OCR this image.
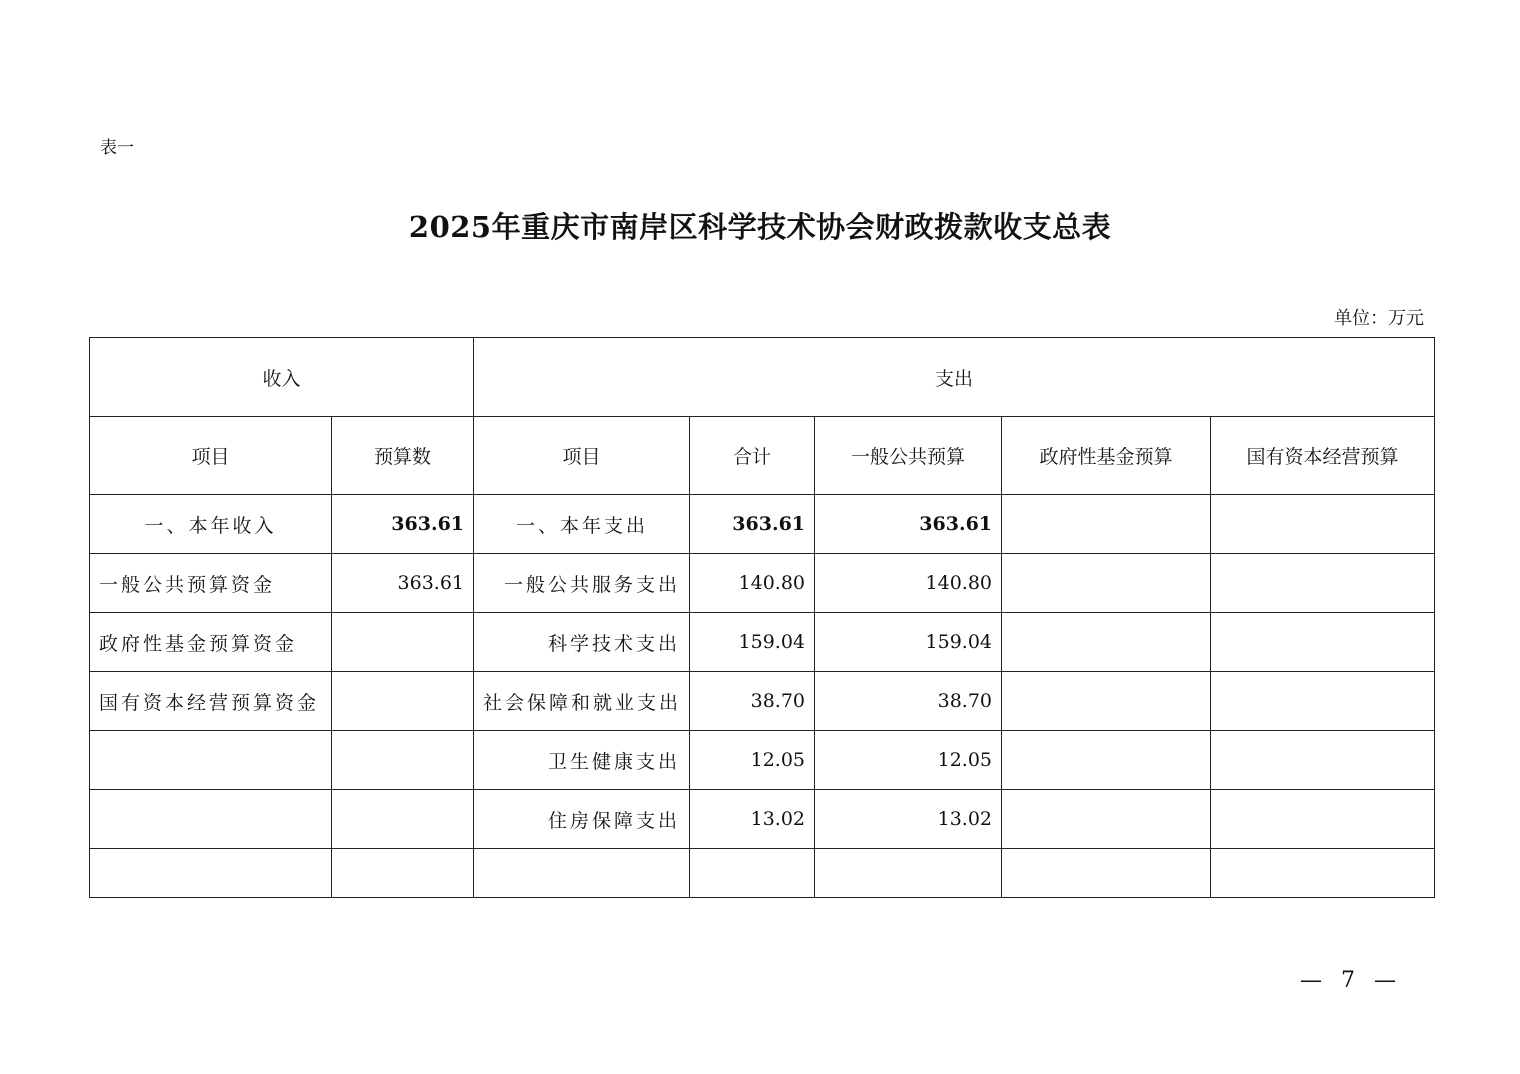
表一
2025年重庆市南岸区科学技术协会财政拨款收支总表
单位：万元
收入		支出				
项目	预算数	项目	合计	一般公共预算	政府性基金预算	国有资本经营预算
一、本年收入	363.61	一、本年支出	363.61	363.61		
一般公共预算资金	363.61	一般公共服务支出	140.80	140.80		
政府性基金预算资金		科学技术支出	159.04	159.04		
国有资本经营预算资金		社会保障和就业支出	38.70	38.70		
		卫生健康支出	12.05	12.05		
		住房保障支出	13.02	13.02		

— 7 —
